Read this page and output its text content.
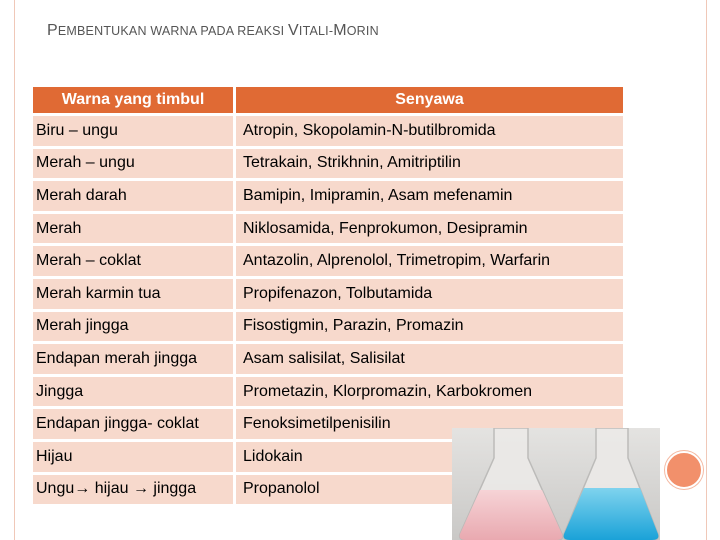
PEMBENTUKAN WARNA PADA REAKSI VITALI-MORIN
Warna yang timbul	Senyawa
Biru – ungu	Atropin, Skopolamin-N-butilbromida
Merah – ungu	Tetrakain, Strikhnin, Amitriptilin
Merah darah	Bamipin, Imipramin, Asam mefenamin
Merah	Niklosamida, Fenprokumon, Desipramin
Merah – coklat	Antazolin, Alprenolol, Trimetropim, Warfarin
Merah karmin tua	Propifenazon, Tolbutamida
Merah jingga	Fisostigmin, Parazin, Promazin
Endapan merah jingga	Asam salisilat, Salisilat
Jingga	Prometazin, Klorpromazin, Karbokromen
Endapan jingga- coklat	Fenoksimetilpenisilin
Hijau	Lidokain
Ungu→ hijau → jingga	Propanolol
